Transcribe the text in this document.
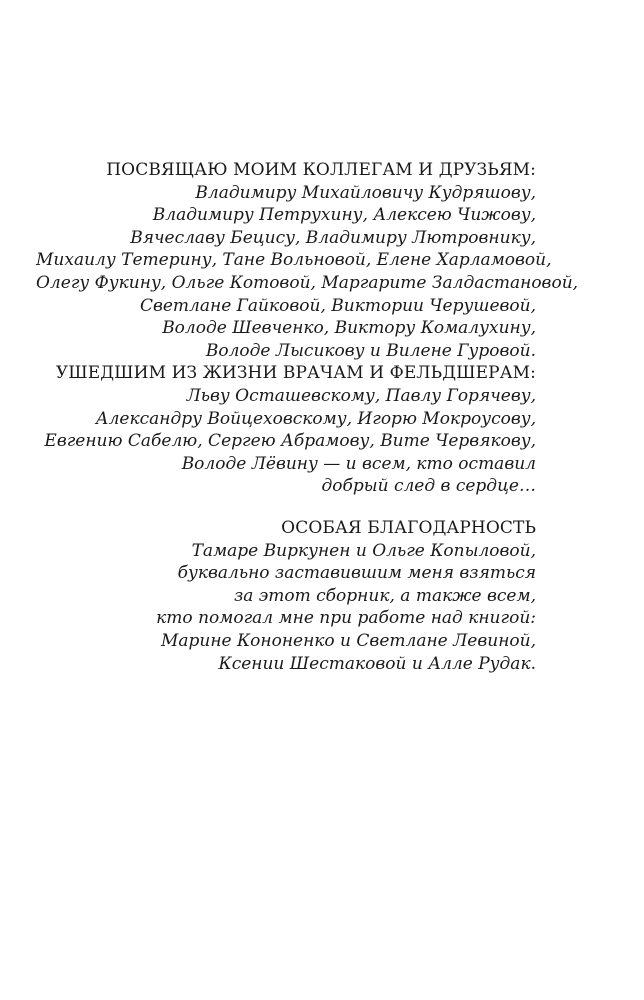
ПОСВЯЩАЮ МОИМ КОЛЛЕГАМ И ДРУЗЬЯМ:
Владимиру Михайловичу Кудряшову,
Владимиру Петрухину, Алексею Чижову,
Вячеславу Бецису, Владимиру Лютровнику,
Михаилу Тетерину, Тане Вольновой, Елене Харламовой,
Олегу Фукину, Ольге Котовой, Маргарите Залдастановой,
Светлане Гайковой, Виктории Черушевой,
Володе Шевченко, Виктору Комалухину,
Володе Лысикову и Вилене Гуровой.
УШЕДШИМ ИЗ ЖИЗНИ ВРАЧАМ И ФЕЛЬДШЕРАМ:
Льву Осташевскому, Павлу Горячеву,
Александру Войцеховскому, Игорю Мокроусову,
Евгению Сабелю, Сергею Абрамову, Вите Червякову,
Володе Лёвину — и всем, кто оставил
добрый след в сердце…
ОСОБАЯ БЛАГОДАРНОСТЬ
Тамаре Виркунен и Ольге Копыловой,
буквально заставившим меня взяться
за этот сборник, а также всем,
кто помогал мне при работе над книгой:
Марине Кононенко и Светлане Левиной,
Ксении Шестаковой и Алле Рудак.
